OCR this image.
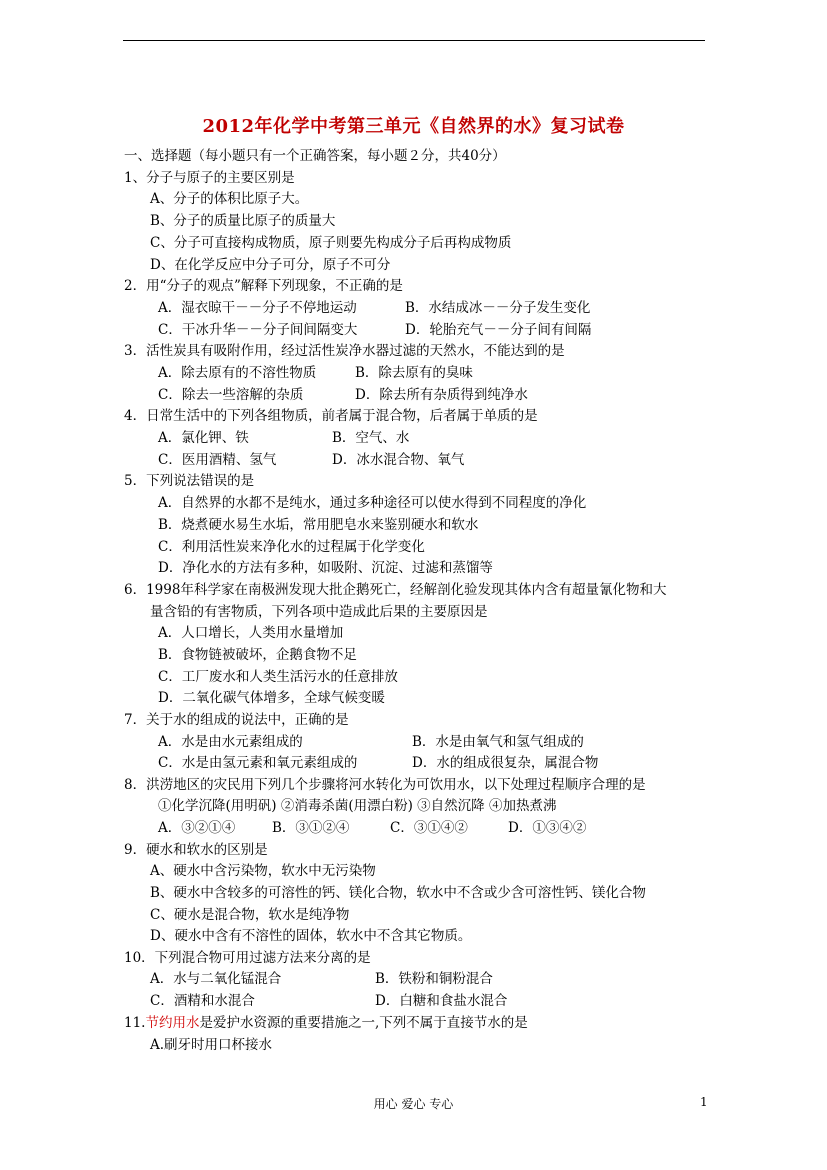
2012年化学中考第三单元《自然界的水》复习试卷
一、选择题（每小题只有一个正确答案，每小题２分，共40分）
1、分子与原子的主要区别是
A、分子的体积比原子大。
B、分子的质量比原子的质量大
C、分子可直接构成物质，原子则要先构成分子后再构成物质
D、在化学反应中分子可分，原子不可分
2．用“分子的观点”解释下列现象，不正确的是
A．湿衣晾干－－分子不停地运动	B．水结成冰－－分子发生变化
C．干冰升华－－分子间间隔变大	D．轮胎充气－－分子间有间隔
3．活性炭具有吸附作用，经过活性炭净水器过滤的天然水，不能达到的是
A．除去原有的不溶性物质	B．除去原有的臭味
C．除去一些溶解的杂质	D．除去所有杂质得到纯净水
4．日常生活中的下列各组物质，前者属于混合物，后者属于单质的是
A．氯化钾、铁	B．空气、水
C．医用酒精、氢气	D．冰水混合物、氧气
5．下列说法错误的是
A．自然界的水都不是纯水，通过多种途径可以使水得到不同程度的净化
B．烧煮硬水易生水垢，常用肥皂水来鉴别硬水和软水
C．利用活性炭来净化水的过程属于化学变化
D．净化水的方法有多种，如吸附、沉淀、过滤和蒸馏等
6．1998年科学家在南极洲发现大批企鹅死亡，经解剖化验发现其体内含有超量氰化物和大
量含铅的有害物质，下列各项中造成此后果的主要原因是
A．人口增长，人类用水量增加
B．食物链被破坏，企鹅食物不足
C．工厂废水和人类生活污水的任意排放
D．二氧化碳气体增多，全球气候变暖
7．关于水的组成的说法中，正确的是
A．水是由水元素组成的	B．水是由氧气和氢气组成的
C．水是由氢元素和氧元素组成的	D．水的组成很复杂，属混合物
8．洪涝地区的灾民用下列几个步骤将河水转化为可饮用水，以下处理过程顺序合理的是
①化学沉降(用明矾) ②消毒杀菌(用漂白粉) ③自然沉降 ④加热煮沸
A．③②①④	B．③①②④	C．③①④②	D．①③④②
9．硬水和软水的区别是
A、硬水中含污染物，软水中无污染物
B、硬水中含较多的可溶性的钙、镁化合物，软水中不含或少含可溶性钙、镁化合物
C、硬水是混合物，软水是纯净物
D、硬水中含有不溶性的固体，软水中不含其它物质。
10．下列混合物可用过滤方法来分离的是
A．水与二氧化锰混合	B．铁粉和铜粉混合
C．酒精和水混合	D．白糖和食盐水混合
11.节约用水是爱护水资源的重要措施之一,下列不属于直接节水的是
A.刷牙时用口杯接水
用心 爱心 专心	1
